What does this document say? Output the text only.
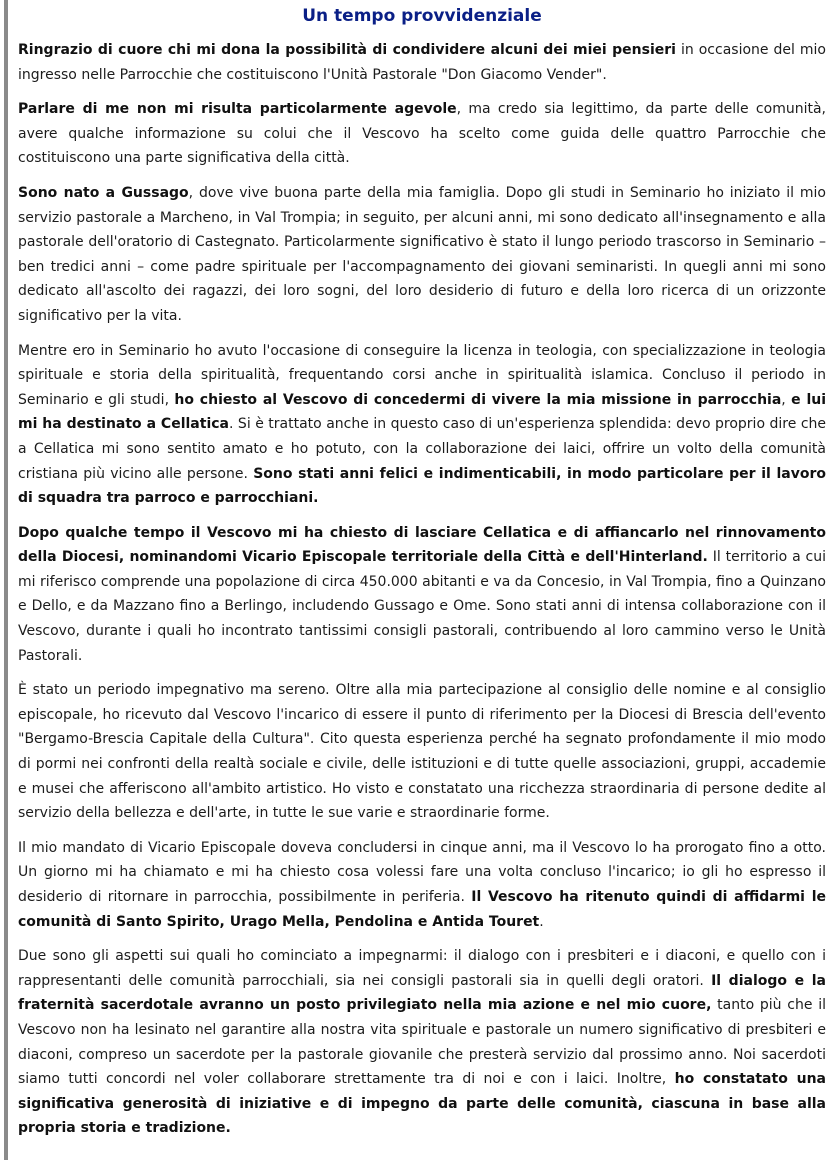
Un tempo provvidenziale

Ringrazio di cuore chi mi dona la possibilità di condividere alcuni dei miei pensieri in occasione del mio ingresso nelle Parrocchie che costituiscono l'Unità Pastorale "Don Giacomo Vender".

Parlare di me non mi risulta particolarmente agevole, ma credo sia legittimo, da parte delle comunità, avere qualche informazione su colui che il Vescovo ha scelto come guida delle quattro Parrocchie che costituiscono una parte significativa della città.

Sono nato a Gussago, dove vive buona parte della mia famiglia. Dopo gli studi in Seminario ho iniziato il mio servizio pastorale a Marcheno, in Val Trompia; in seguito, per alcuni anni, mi sono dedicato all'insegnamento e alla pastorale dell'oratorio di Castegnato. Particolarmente significativo è stato il lungo periodo trascorso in Seminario – ben tredici anni – come padre spirituale per l'accompagnamento dei giovani seminaristi. In quegli anni mi sono dedicato all'ascolto dei ragazzi, dei loro sogni, del loro desiderio di futuro e della loro ricerca di un orizzonte significativo per la vita.

Mentre ero in Seminario ho avuto l'occasione di conseguire la licenza in teologia, con specializzazione in teologia spirituale e storia della spiritualità, frequentando corsi anche in spiritualità islamica. Concluso il periodo in Seminario e gli studi, ho chiesto al Vescovo di concedermi di vivere la mia missione in parrocchia, e lui mi ha destinato a Cellatica. Si è trattato anche in questo caso di un'esperienza splendida: devo proprio dire che a Cellatica mi sono sentito amato e ho potuto, con la collaborazione dei laici, offrire un volto della comunità cristiana più vicino alle persone. Sono stati anni felici e indimenticabili, in modo particolare per il lavoro di squadra tra parroco e parrocchiani.

Dopo qualche tempo il Vescovo mi ha chiesto di lasciare Cellatica e di affiancarlo nel rinnovamento della Diocesi, nominandomi Vicario Episcopale territoriale della Città e dell'Hinterland. Il territorio a cui mi riferisco comprende una popolazione di circa 450.000 abitanti e va da Concesio, in Val Trompia, fino a Quinzano e Dello, e da Mazzano fino a Berlingo, includendo Gussago e Ome. Sono stati anni di intensa collaborazione con il Vescovo, durante i quali ho incontrato tantissimi consigli pastorali, contribuendo al loro cammino verso le Unità Pastorali.

È stato un periodo impegnativo ma sereno. Oltre alla mia partecipazione al consiglio delle nomine e al consiglio episcopale, ho ricevuto dal Vescovo l'incarico di essere il punto di riferimento per la Diocesi di Brescia dell'evento "Bergamo-Brescia Capitale della Cultura". Cito questa esperienza perché ha segnato profondamente il mio modo di pormi nei confronti della realtà sociale e civile, delle istituzioni e di tutte quelle associazioni, gruppi, accademie e musei che afferiscono all'ambito artistico. Ho visto e constatato una ricchezza straordinaria di persone dedite al servizio della bellezza e dell'arte, in tutte le sue varie e straordinarie forme.

Il mio mandato di Vicario Episcopale doveva concludersi in cinque anni, ma il Vescovo lo ha prorogato fino a otto. Un giorno mi ha chiamato e mi ha chiesto cosa volessi fare una volta concluso l'incarico; io gli ho espresso il desiderio di ritornare in parrocchia, possibilmente in periferia. Il Vescovo ha ritenuto quindi di affidarmi le comunità di Santo Spirito, Urago Mella, Pendolina e Antida Touret.

Due sono gli aspetti sui quali ho cominciato a impegnarmi: il dialogo con i presbiteri e i diaconi, e quello con i rappresentanti delle comunità parrocchiali, sia nei consigli pastorali sia in quelli degli oratori. Il dialogo e la fraternità sacerdotale avranno un posto privilegiato nella mia azione e nel mio cuore, tanto più che il Vescovo non ha lesinato nel garantire alla nostra vita spirituale e pastorale un numero significativo di presbiteri e diaconi, compreso un sacerdote per la pastorale giovanile che presterà servizio dal prossimo anno. Noi sacerdoti siamo tutti concordi nel voler collaborare strettamente tra di noi e con i laici. Inoltre, ho constatato una significativa generosità di iniziative e di impegno da parte delle comunità, ciascuna in base alla propria storia e tradizione.
